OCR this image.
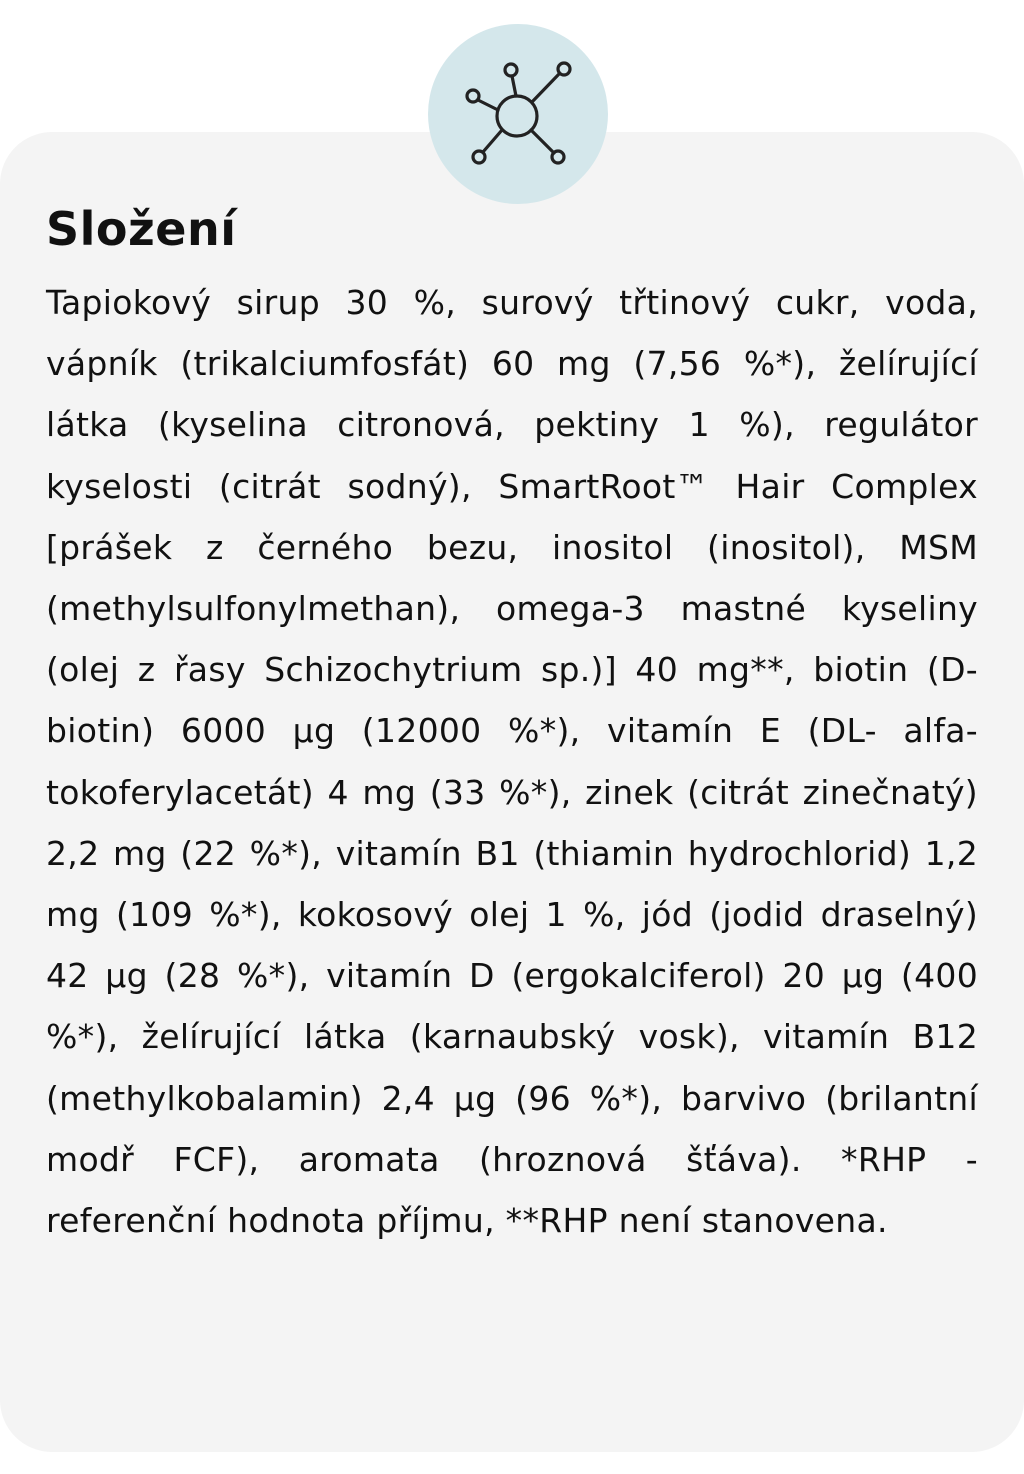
Složení

Tapiokový sirup 30 %, surový třtinový cukr, voda, vápník (trikalciumfosfát) 60 mg (7,56 %*), želírující látka (kyselina citronová, pektiny 1 %), regulátor kyselosti (citrát sodný), SmartRoot™ Hair Complex [prášek z černého bezu, inositol (inositol), MSM (methylsulfonylmethan), omega-3 mastné kyseliny (olej z řasy Schizochytrium sp.)] 40 mg**, biotin (D-biotin) 6000 µg (12000 %*), vitamín E (DL- alfa-tokoferylacetát) 4 mg (33 %*), zinek (citrát zinečnatý) 2,2 mg (22 %*), vitamín B1 (thiamin hydrochlorid) 1,2 mg (109 %*), kokosový olej 1 %, jód (jodid draselný) 42 µg (28 %*), vitamín D (ergokalciferol) 20 µg (400 %*), želírující látka (karnaubský vosk), vitamín B12 (methylkobalamin) 2,4 µg (96 %*), barvivo (brilantní modř FCF), aromata (hroznová šťáva). *RHP - referenční hodnota příjmu, **RHP není stanovena.
